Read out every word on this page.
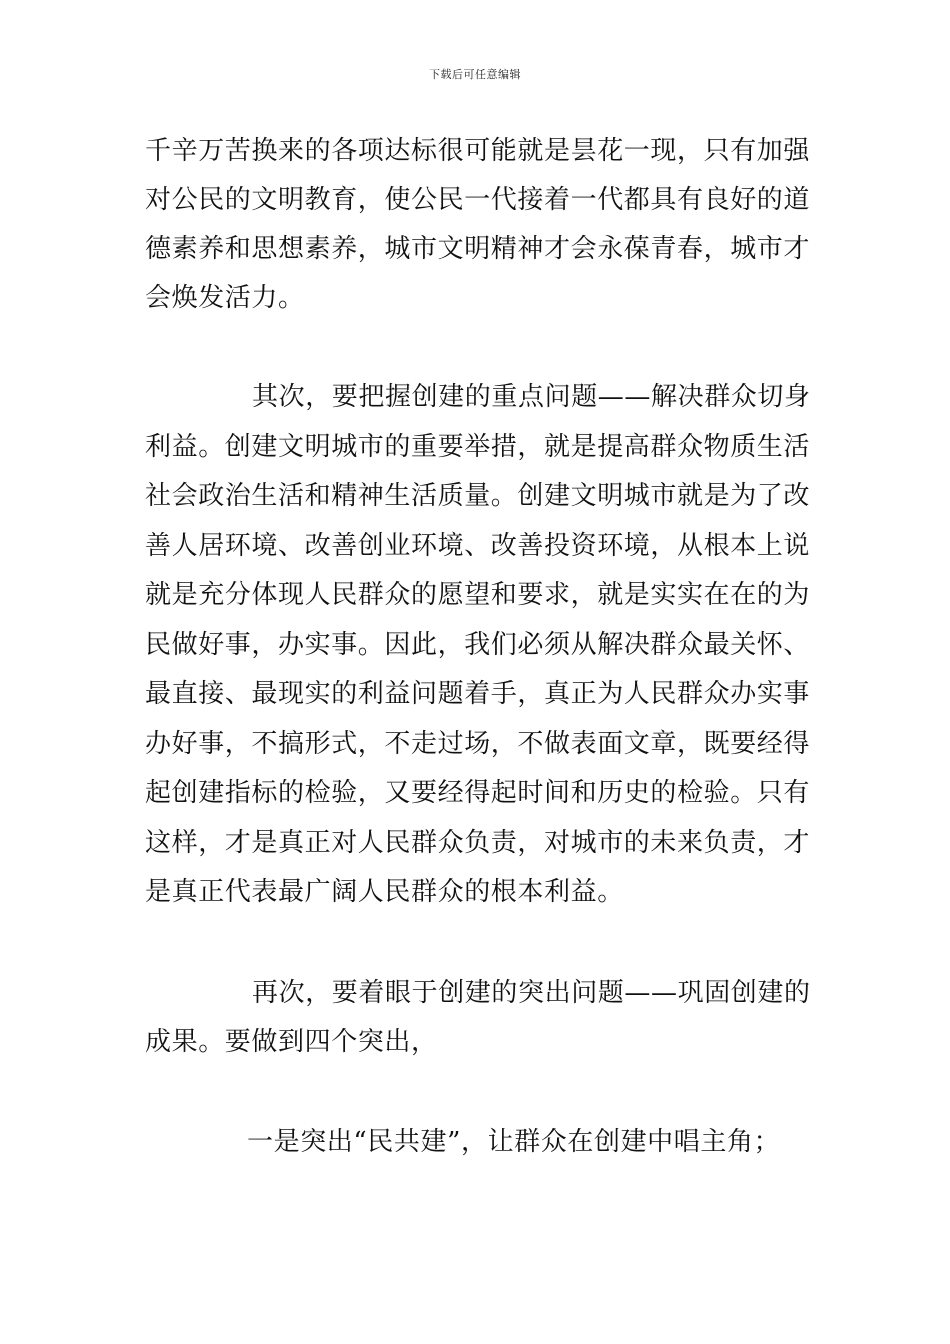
下载后可任意编辑
千辛万苦换来的各项达标很可能就是昙花一现，只有加强
对公民的文明教育，使公民一代接着一代都具有良好的道
德素养和思想素养，城市文明精神才会永葆青春，城市才
会焕发活力。
其次，要把握创建的重点问题——解决群众切身
利益。创建文明城市的重要举措，就是提高群众物质生活
社会政治生活和精神生活质量。创建文明城市就是为了改
善人居环境、改善创业环境、改善投资环境，从根本上说
就是充分体现人民群众的愿望和要求，就是实实在在的为
民做好事，办实事。因此，我们必须从解决群众最关怀、
最直接、最现实的利益问题着手，真正为人民群众办实事
办好事，不搞形式，不走过场，不做表面文章，既要经得
起创建指标的检验，又要经得起时间和历史的检验。只有
这样，才是真正对人民群众负责，对城市的未来负责，才
是真正代表最广阔人民群众的根本利益。
再次，要着眼于创建的突出问题——巩固创建的
成果。要做到四个突出，
一是突出“民共建”，让群众在创建中唱主角；
